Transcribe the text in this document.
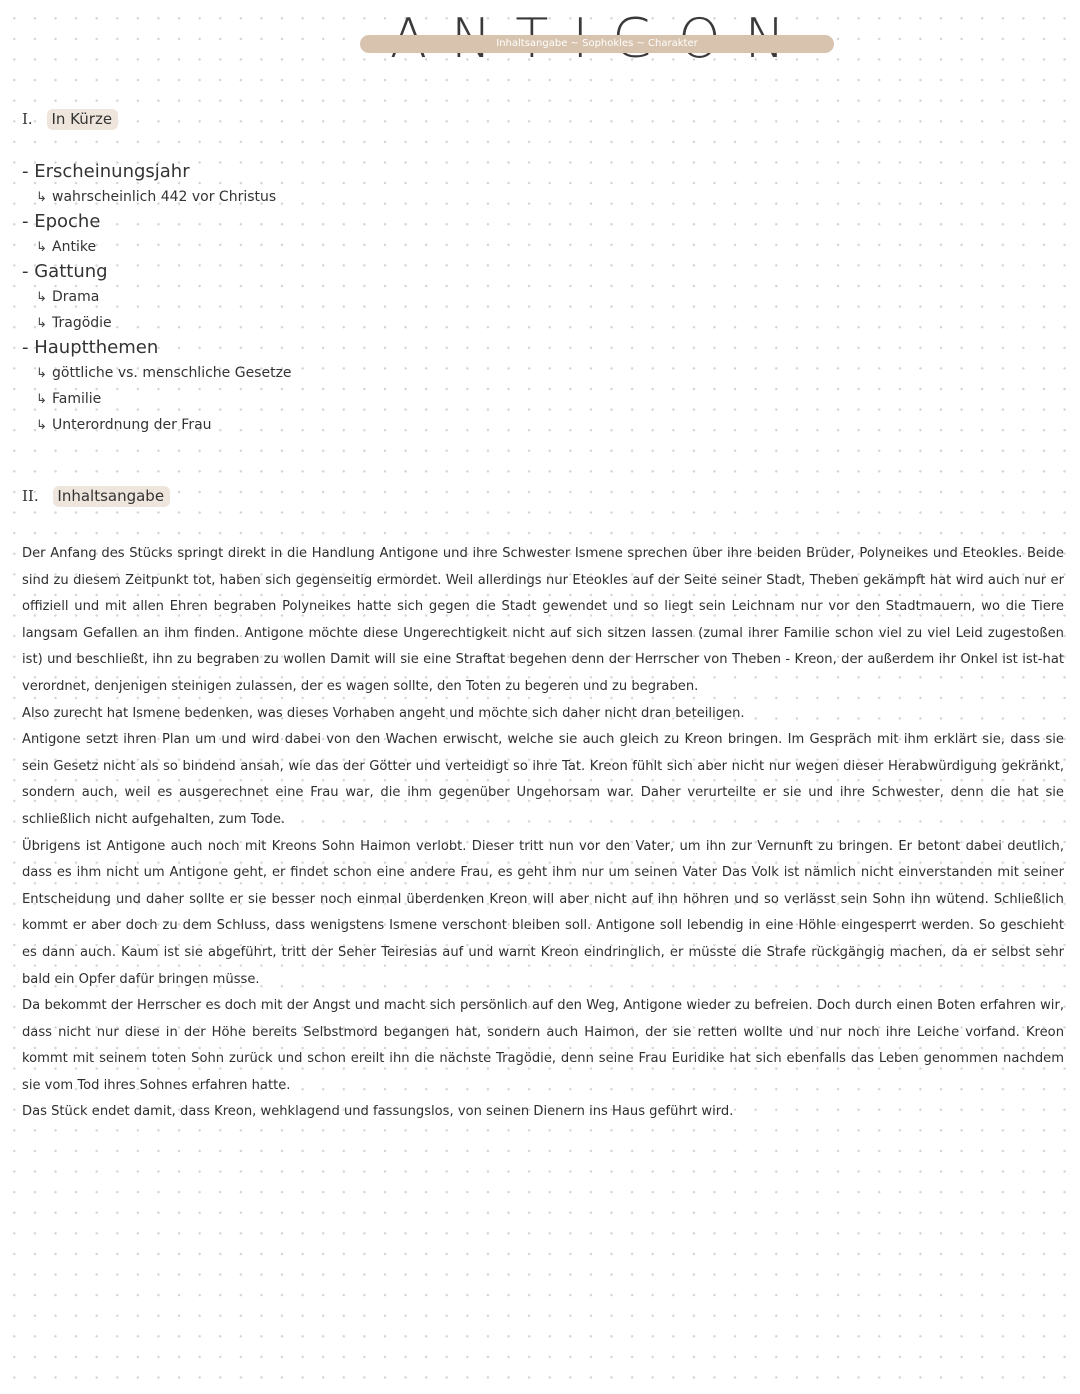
Inhaltsangabe ~ Sophokles ~ Charakter
I. In Kürze
- Erscheinungsjahr
↳ wahrscheinlich 442 vor Christus
- Epoche
↳ Antike
- Gattung
↳ Drama
↳ Tragödie
- Hauptthemen
↳ göttliche vs. menschliche Gesetze
↳ Familie
↳ Unterordnung der Frau
II. Inhaltsangabe

Der Anfang des Stücks springt direkt in die Handlung Antigone und ihre Schwester Ismene sprechen über ihre beiden Brüder, Polyneikes und Eteokles. Beide sind zu diesem Zeitpunkt tot, haben sich gegenseitig ermordet. Weil allerdings nur Eteokles auf der Seite seiner Stadt, Theben gekämpft hat wird auch nur er offiziell und mit allen Ehren begraben Polyneikes hatte sich gegen die Stadt gewendet und so liegt sein Leichnam nur vor den Stadtmauern, wo die Tiere langsam Gefallen an ihm finden. Antigone möchte diese Ungerechtigkeit nicht auf sich sitzen lassen (zumal ihrer Familie schon viel zu viel Leid zugestoßen ist) und beschließt, ihn zu begraben zu wollen Damit will sie eine Straftat begehen denn der Herrscher von Theben - Kreon, der außerdem ihr Onkel ist ist-hat verordnet, denjenigen steinigen zulassen, der es wagen sollte, den Toten zu begeren und zu begraben.

Also zurecht hat Ismene bedenken, was dieses Vorhaben angeht und möchte sich daher nicht dran beteiligen.

Antigone setzt ihren Plan um und wird dabei von den Wachen erwischt, welche sie auch gleich zu Kreon bringen. Im Gespräch mit ihm erklärt sie, dass sie sein Gesetz nicht als so bindend ansah, wie das der Götter und verteidigt so ihre Tat. Kreon fühlt sich aber nicht nur wegen dieser Herabwürdigung gekränkt, sondern auch, weil es ausgerechnet eine Frau war, die ihm gegenüber Ungehorsam war. Daher verurteilte er sie und ihre Schwester, denn die hat sie schließlich nicht aufgehalten, zum Tode.

Übrigens ist Antigone auch noch mit Kreons Sohn Haimon verlobt. Dieser tritt nun vor den Vater, um ihn zur Vernunft zu bringen. Er betont dabei deutlich, dass es ihm nicht um Antigone geht, er findet schon eine andere Frau, es geht ihm nur um seinen Vater Das Volk ist nämlich nicht einverstanden mit seiner Entscheidung und daher sollte er sie besser noch einmal überdenken Kreon will aber nicht auf ihn höhren und so verlässt sein Sohn ihn wütend. Schließlich kommt er aber doch zu dem Schluss, dass wenigstens Ismene verschont bleiben soll. Antigone soll lebendig in eine Höhle eingesperrt werden. So geschieht es dann auch. Kaum ist sie abgeführt, tritt der Seher Teiresias auf und warnt Kreon eindringlich, er müsste die Strafe rückgängig machen, da er selbst sehr bald ein Opfer dafür bringen müsse.

Da bekommt der Herrscher es doch mit der Angst und macht sich persönlich auf den Weg, Antigone wieder zu befreien. Doch durch einen Boten erfahren wir, dass nicht nur diese in der Höhe bereits Selbstmord begangen hat, sondern auch Haimon, der sie retten wollte und nur noch ihre Leiche vorfand. Kreon kommt mit seinem toten Sohn zurück und schon ereilt ihn die nächste Tragödie, denn seine Frau Euridike hat sich ebenfalls das Leben genommen nachdem sie vom Tod ihres Sohnes erfahren hatte.

Das Stück endet damit, dass Kreon, wehklagend und fassungslos, von seinen Dienern ins Haus geführt wird.
